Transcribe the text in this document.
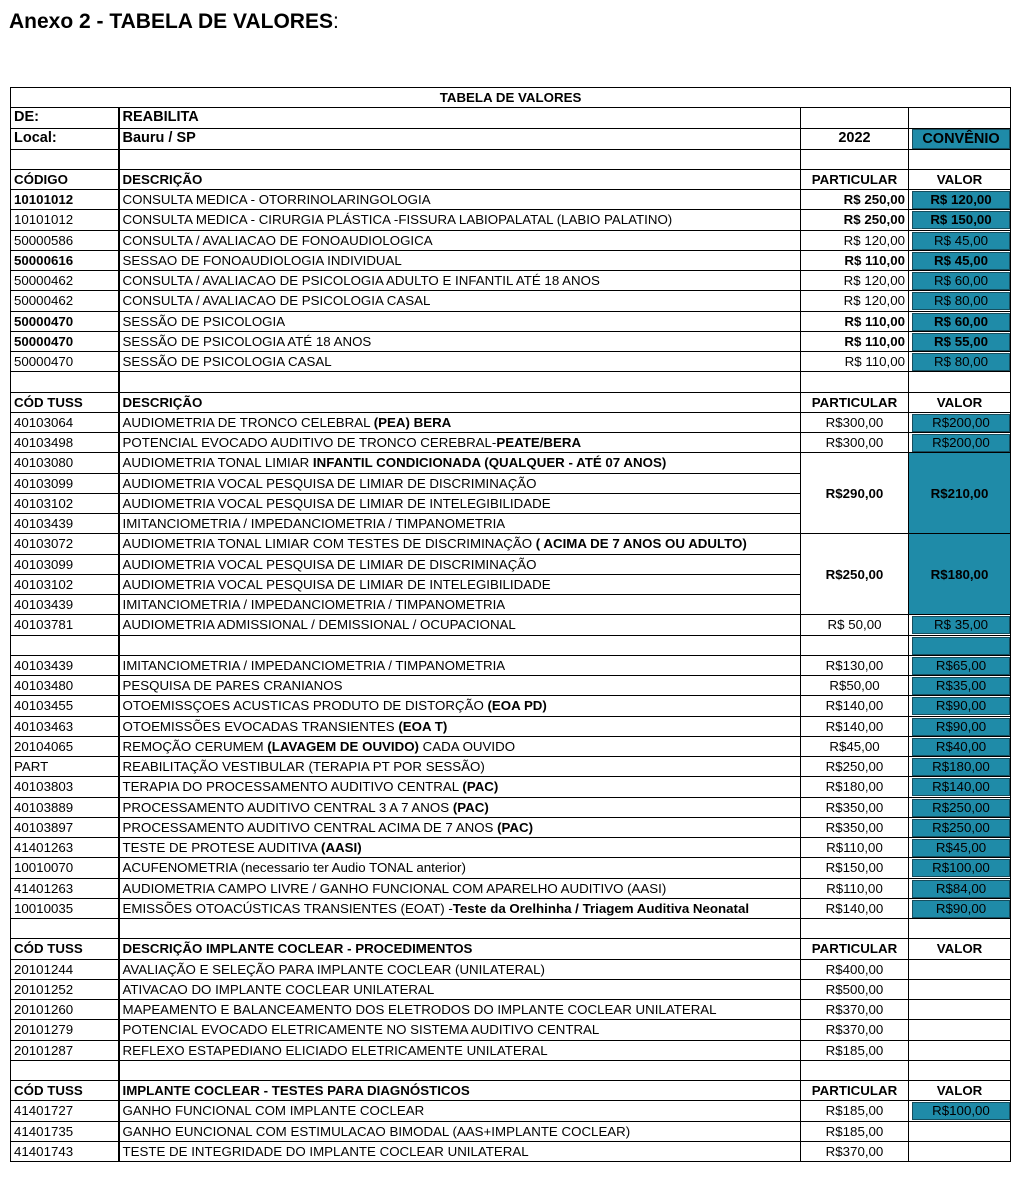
Anexo 2 - TABELA DE VALORES:
TABELA DE VALORES			
DE:	REABILITA		
Local:	Bauru / SP	2022	CONVÊNIO

CÓDIGO	DESCRIÇÃO	PARTICULAR	VALOR
10101012	CONSULTA MEDICA - OTORRINOLARINGOLOGIA	R$ 250,00	R$ 120,00
10101012	CONSULTA MEDICA - CIRURGIA PLÁSTICA -FISSURA LABIOPALATAL (LABIO PALATINO)	R$ 250,00	R$ 150,00
50000586	CONSULTA / AVALIACAO DE FONOAUDIOLOGICA	R$ 120,00	R$ 45,00
50000616	SESSAO DE FONOAUDIOLOGIA INDIVIDUAL	R$ 110,00	R$ 45,00
50000462	CONSULTA / AVALIACAO DE PSICOLOGIA ADULTO E INFANTIL ATÉ 18 ANOS	R$ 120,00	R$ 60,00
50000462	CONSULTA / AVALIACAO DE PSICOLOGIA CASAL	R$ 120,00	R$ 80,00
50000470	SESSÃO DE PSICOLOGIA	R$ 110,00	R$ 60,00
50000470	SESSÃO DE PSICOLOGIA ATÉ 18 ANOS	R$ 110,00	R$ 55,00
50000470	SESSÃO DE PSICOLOGIA CASAL	R$ 110,00	R$ 80,00

CÓD TUSS	DESCRIÇÃO	PARTICULAR	VALOR
40103064	AUDIOMETRIA DE TRONCO CELEBRAL (PEA) BERA	R$300,00	R$200,00
40103498	POTENCIAL EVOCADO AUDITIVO DE TRONCO CEREBRAL-PEATE/BERA	R$300,00	R$200,00
40103080	AUDIOMETRIA TONAL LIMIAR INFANTIL CONDICIONADA (QUALQUER - ATÉ 07 ANOS)	R$290,00	R$210,00
40103099	AUDIOMETRIA VOCAL PESQUISA DE LIMIAR DE DISCRIMINAÇÃO		
40103102	AUDIOMETRIA VOCAL PESQUISA DE LIMIAR DE INTELEGIBILIDADE		
40103439	IMITANCIOMETRIA / IMPEDANCIOMETRIA / TIMPANOMETRIA		
40103072	AUDIOMETRIA TONAL LIMIAR COM TESTES DE DISCRIMINAÇÃO ( ACIMA DE 7 ANOS OU ADULTO)	R$250,00	R$180,00
40103099	AUDIOMETRIA VOCAL PESQUISA DE LIMIAR DE DISCRIMINAÇÃO		
40103102	AUDIOMETRIA VOCAL PESQUISA DE LIMIAR DE INTELEGIBILIDADE		
40103439	IMITANCIOMETRIA / IMPEDANCIOMETRIA / TIMPANOMETRIA		
40103781	AUDIOMETRIA ADMISSIONAL / DEMISSIONAL / OCUPACIONAL	R$ 50,00	R$ 35,00

40103439	IMITANCIOMETRIA / IMPEDANCIOMETRIA / TIMPANOMETRIA	R$130,00	R$65,00
40103480	PESQUISA DE PARES CRANIANOS	R$50,00	R$35,00
40103455	OTOEMISSÇOES ACUSTICAS PRODUTO DE DISTORÇÃO (EOA PD)	R$140,00	R$90,00
40103463	OTOEMISSÕES EVOCADAS TRANSIENTES (EOA T)	R$140,00	R$90,00
20104065	REMOÇÃO CERUMEM (LAVAGEM DE OUVIDO) CADA OUVIDO	R$45,00	R$40,00
PART	REABILITAÇÃO VESTIBULAR (TERAPIA PT POR SESSÃO)	R$250,00	R$180,00
40103803	TERAPIA DO PROCESSAMENTO AUDITIVO CENTRAL (PAC)	R$180,00	R$140,00
40103889	PROCESSAMENTO AUDITIVO CENTRAL 3 A 7 ANOS (PAC)	R$350,00	R$250,00
40103897	PROCESSAMENTO AUDITIVO CENTRAL ACIMA DE 7 ANOS (PAC)	R$350,00	R$250,00
41401263	TESTE DE PROTESE AUDITIVA (AASI)	R$110,00	R$45,00
10010070	ACUFENOMETRIA (necessario ter Audio TONAL anterior)	R$150,00	R$100,00
41401263	AUDIOMETRIA CAMPO LIVRE / GANHO FUNCIONAL COM APARELHO AUDITIVO (AASI)	R$110,00	R$84,00
10010035	EMISSÕES OTOACÚSTICAS TRANSIENTES (EOAT) -Teste da Orelhinha / Triagem Auditiva Neonatal	R$140,00	R$90,00

CÓD TUSS	DESCRIÇÃO IMPLANTE COCLEAR - PROCEDIMENTOS	PARTICULAR	VALOR
20101244	AVALIAÇÃO E SELEÇÃO PARA IMPLANTE COCLEAR (UNILATERAL)	R$400,00	
20101252	ATIVACAO DO IMPLANTE COCLEAR UNILATERAL	R$500,00	
20101260	MAPEAMENTO E BALANCEAMENTO DOS ELETRODOS DO IMPLANTE COCLEAR UNILATERAL	R$370,00	
20101279	POTENCIAL EVOCADO ELETRICAMENTE NO SISTEMA AUDITIVO CENTRAL	R$370,00	
20101287	REFLEXO ESTAPEDIANO ELICIADO ELETRICAMENTE UNILATERAL	R$185,00	

CÓD TUSS	IMPLANTE COCLEAR - TESTES PARA DIAGNÓSTICOS	PARTICULAR	VALOR
41401727	GANHO FUNCIONAL COM IMPLANTE COCLEAR	R$185,00	R$100,00
41401735	GANHO EUNCIONAL COM ESTIMULACAO BIMODAL (AAS+IMPLANTE COCLEAR)	R$185,00	
41401743	TESTE DE INTEGRIDADE DO IMPLANTE COCLEAR UNILATERAL	R$370,00	
